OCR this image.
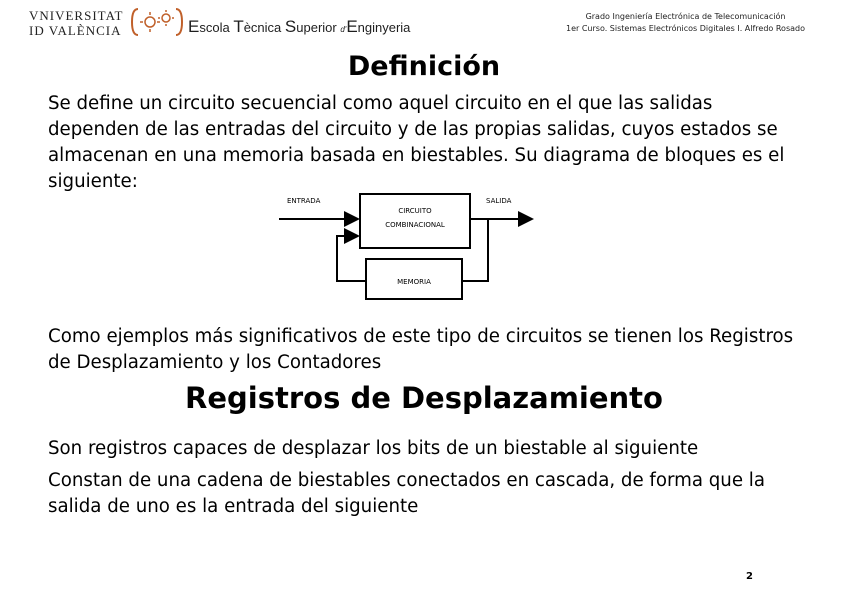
VNIVERSITAT
ID VALÈNCIA	Escola Tècnica Superior d'Enginyeria
Grado Ingeniería Electrónica de Telecomunicación
1er Curso. Sistemas Electrónicos Digitales I. Alfredo Rosado
Definición
Se define un circuito secuencial como aquel circuito en el que las salidas
dependen de las entradas del circuito y de las propias salidas, cuyos estados se
almacenan en una memoria basada en biestables. Su diagrama de bloques es el
siguiente:
ENTRADA	SALIDA
CIRCUITO
COMBINACIONAL
MEMORIA
Como ejemplos más significativos de este tipo de circuitos se tienen los Registros
de Desplazamiento y los Contadores
Registros de Desplazamiento
Son registros capaces de desplazar los bits de un biestable al siguiente
Constan de una cadena de biestables conectados en cascada, de forma que la
salida de uno es la entrada del siguiente
2
